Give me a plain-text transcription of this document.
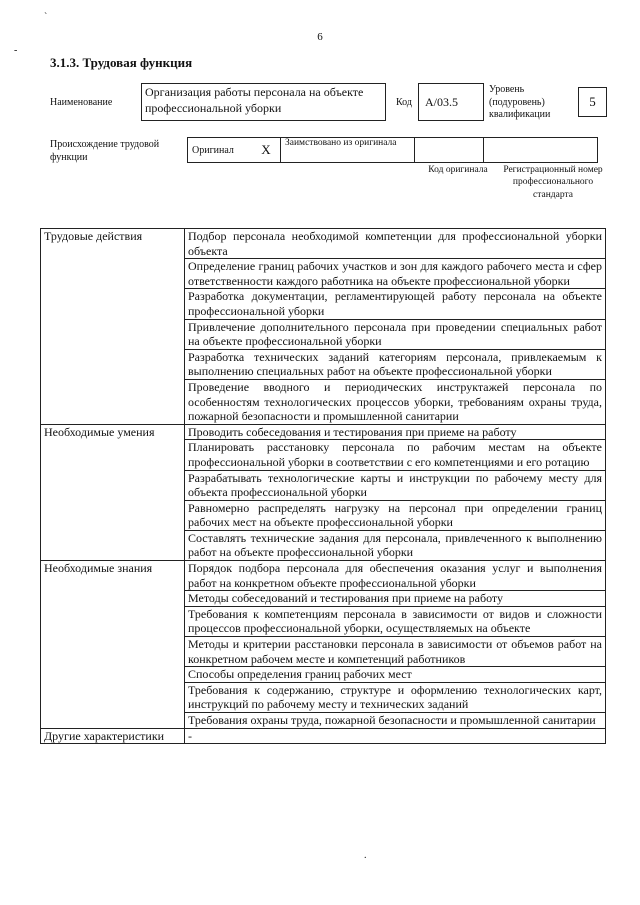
`
-
6
3.1.3. Трудовая функция
Наименование
Организация работы персонала на объекте профессиональной уборки	Код	A/03.5
Уровень (подуровень) квалификации
5
Происхождение трудовой функции
Оригинал	X	Заимствовано из оригинала		
Код оригинала	Регистрационный номер профессионального стандарта
Трудовые действия	Подбор персонала необходимой компетенции для профессиональной уборки объекта
	Определение границ рабочих участков и зон для каждого рабочего места и сфер ответственности каждого работника на объекте профессиональной уборки
	Разработка документации, регламентирующей работу персонала на объекте профессиональной уборки
	Привлечение дополнительного персонала при проведении специальных работ на объекте профессиональной уборки
	Разработка технических заданий категориям персонала, привлекаемым к выполнению специальных работ на объекте профессиональной уборки
	Проведение вводного и периодических инструктажей персонала по особенностям технологических процессов уборки, требованиям охраны труда, пожарной безопасности и промышленной санитарии
Необходимые умения	Проводить собеседования и тестирования при приеме на работу
	Планировать расстановку персонала по рабочим местам на объекте профессиональной уборки в соответствии с его компетенциями и его ротацию
	Разрабатывать технологические карты и инструкции по рабочему месту для объекта профессиональной уборки
	Равномерно распределять нагрузку на персонал при определении границ рабочих мест на объекте профессиональной уборки
	Составлять технические задания для персонала, привлеченного к выполнению работ на объекте профессиональной уборки
Необходимые знания	Порядок подбора персонала для обеспечения оказания услуг и выполнения работ на конкретном объекте профессиональной уборки
	Методы собеседований и тестирования при приеме на работу
	Требования к компетенциям персонала в зависимости от видов и сложности процессов профессиональной уборки, осуществляемых на объекте
	Методы и критерии расстановки персонала в зависимости от объемов работ на конкретном рабочем месте и компетенций работников
	Способы определения границ рабочих мест
	Требования к содержанию, структуре и оформлению технологических карт, инструкций по рабочему месту и технических заданий
	Требования охраны труда, пожарной безопасности и промышленной санитарии
Другие характеристики	-
.
